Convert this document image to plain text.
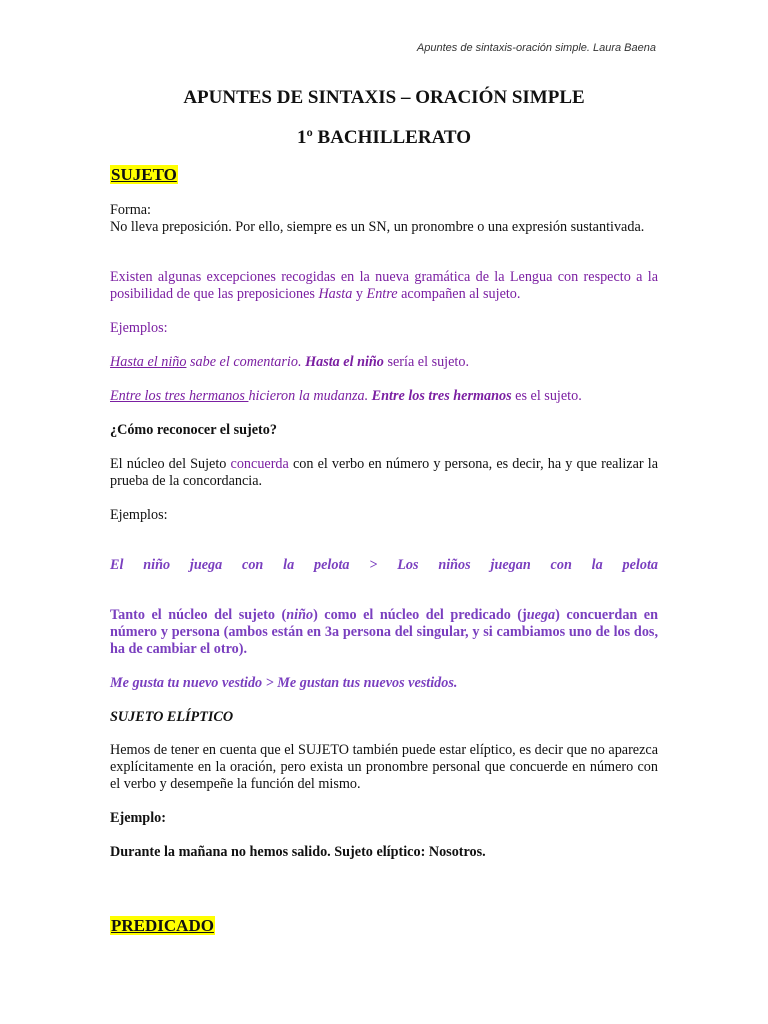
Apuntes de sintaxis-oración simple. Laura Baena
APUNTES DE SINTAXIS – ORACIÓN SIMPLE
1º BACHILLERATO
SUJETO
Forma:
No lleva preposición. Por ello, siempre es un SN, un pronombre o una expresión sustantivada.
Existen algunas excepciones recogidas en la nueva gramática de la Lengua con respecto a la posibilidad de que las preposiciones Hasta y Entre acompañen al sujeto.
Ejemplos:
Hasta el niño sabe el comentario. Hasta el niño sería el sujeto.
Entre los tres hermanos hicieron la mudanza. Entre los tres hermanos es el sujeto.
¿Cómo reconocer el sujeto?
El núcleo del Sujeto concuerda con el verbo en número y persona, es decir, ha y que realizar la prueba de la concordancia.
Ejemplos:
El niño juega con la pelota > Los niños juegan con la pelota
Tanto el núcleo del sujeto (niño) como el núcleo del predicado (juega) concuerdan en número y persona (ambos están en 3a persona del singular, y si cambiamos uno de los dos, ha de cambiar el otro).
Me gusta tu nuevo vestido > Me gustan tus nuevos vestidos.
SUJETO ELÍPTICO
Hemos de tener en cuenta que el SUJETO también puede estar elíptico, es decir que no aparezca explícitamente en la oración, pero exista un pronombre personal que concuerde en número con el verbo y desempeñe la función del mismo.
Ejemplo:
Durante la mañana no hemos salido. Sujeto elíptico: Nosotros.
PREDICADO
